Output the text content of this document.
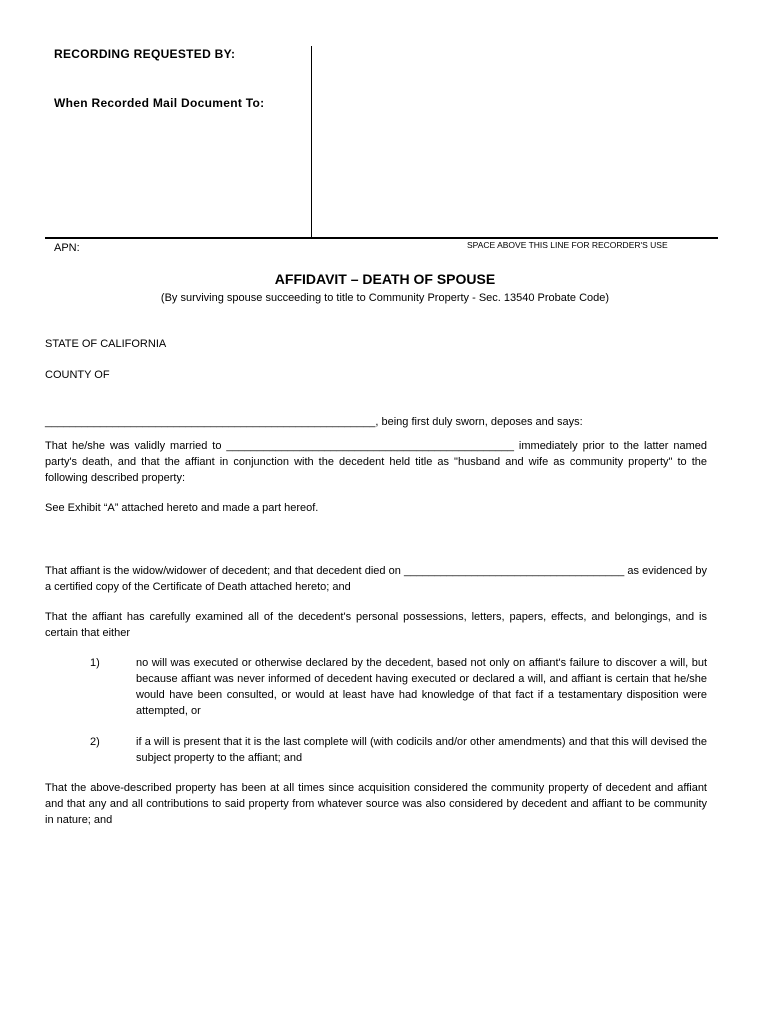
RECORDING REQUESTED BY:
When Recorded Mail Document To:
APN:	SPACE ABOVE THIS LINE FOR RECORDER'S USE
AFFIDAVIT – DEATH OF SPOUSE
(By surviving spouse succeeding to title to Community Property - Sec. 13540 Probate Code)
STATE OF CALIFORNIA
COUNTY OF
______________________________________________________, being first duly sworn, deposes and says:
That he/she was validly married to _______________________________________________ immediately prior to the latter named party's death, and that the affiant in conjunction with the decedent held title as "husband and wife as community property" to the following described property:
See Exhibit “A” attached hereto and made a part hereof.
That affiant is the widow/widower of decedent; and that decedent died on ____________________________________ as evidenced by a certified copy of the Certificate of Death attached hereto; and
That the affiant has carefully examined all of the decedent's personal possessions, letters, papers, effects, and belongings, and is certain that either
1)	no will was executed or otherwise declared by the decedent, based not only on affiant's failure to discover a will, but because affiant was never informed of decedent having executed or declared a will, and affiant is certain that he/she would have been consulted, or would at least have had knowledge of that fact if a testamentary disposition were attempted, or
2)	if a will is present that it is the last complete will (with codicils and/or other amendments) and that this will devised the subject property to the affiant; and
That the above-described property has been at all times since acquisition considered the community property of decedent and affiant and that any and all contributions to said property from whatever source was also considered by decedent and affiant to be community in nature; and
